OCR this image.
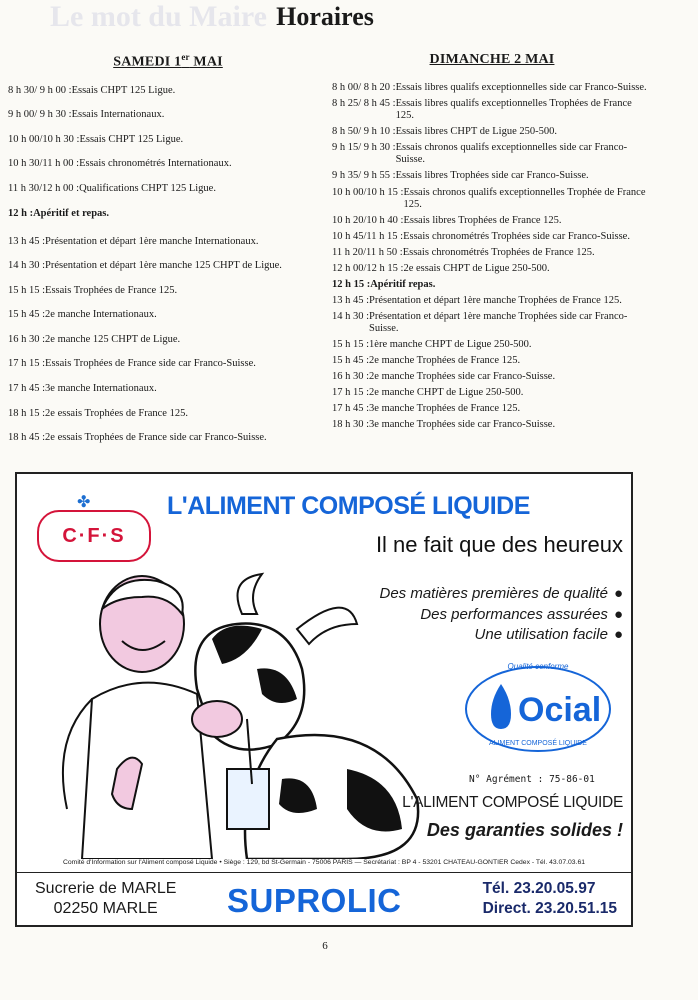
Le mot du Maire Horaires
SAMEDI 1er MAI
8 h 30/ 9 h 00 : Essais CHPT 125 Ligue.
9 h 00/ 9 h 30 : Essais Internationaux.
10 h 00/10 h 30 : Essais CHPT 125 Ligue.
10 h 30/11 h 00 : Essais chronométrés Internationaux.
11 h 30/12 h 00 : Qualifications CHPT 125 Ligue.
12 h : Apéritif et repas.
13 h 45 : Présentation et départ 1ère manche Internationaux.
14 h 30 : Présentation et départ 1ère manche 125 CHPT de Ligue.
15 h 15 : Essais Trophées de France 125.
15 h 45 : 2e manche Internationaux.
16 h 30 : 2e manche 125 CHPT de Ligue.
17 h 15 : Essais Trophées de France side car Franco-Suisse.
17 h 45 : 3e manche Internationaux.
18 h 15 : 2e essais Trophées de France 125.
18 h 45 : 2e essais Trophées de France side car Franco-Suisse.
DIMANCHE 2 MAI
8 h 00/ 8 h 20 : Essais libres qualifs exceptionnelles side car Franco-Suisse.
8 h 25/ 8 h 45 : Essais libres qualifs exceptionnelles Trophées de France 125.
8 h 50/ 9 h 10 : Essais libres CHPT de Ligue 250-500.
9 h 15/ 9 h 30 : Essais chronos qualifs exceptionnelles side car Franco-Suisse.
9 h 35/ 9 h 55 : Essais libres Trophées side car Franco-Suisse.
10 h 00/10 h 15 : Essais chronos qualifs exceptionnelles Trophée de France 125.
10 h 20/10 h 40 : Essais libres Trophées de France 125.
10 h 45/11 h 15 : Essais chronométrés Trophées side car Franco-Suisse.
11 h 20/11 h 50 : Essais chronométrés Trophées de France 125.
12 h 00/12 h 15 : 2e essais CHPT de Ligue 250-500.
12 h 15 : Apéritif repas.
13 h 45 : Présentation et départ 1ère manche Trophées de France 125.
14 h 30 : Présentation et départ 1ère manche Trophées side car Franco-Suisse.
15 h 15 : 1ère manche CHPT de Ligue 250-500.
15 h 45 : 2e manche Trophées de France 125.
16 h 30 : 2e manche Trophées side car Franco-Suisse.
17 h 15 : 2e manche CHPT de Ligue 250-500.
17 h 45 : 3e manche Trophées de France 125.
18 h 30 : 3e manche Trophées side car Franco-Suisse.
✤
C·F·S
L'ALIMENT COMPOSÉ LIQUIDE
Il ne fait que des heureux
Des matières premières de qualité ●
Des performances assurées ●
Une utilisation facile ●
Ocial
Qualité conforme
ALIMENT COMPOSÉ LIQUIDE
N° Agrément : 75-86-01
L'ALIMENT COMPOSÉ LIQUIDE
Des garanties solides !
Comité d'Information sur l'Aliment composé Liquide • Siège : 129, bd St-Germain - 75006 PARIS — Secrétariat : BP 4 - 53201 CHATEAU-GONTIER Cedex - Tél. 43.07.03.61
Sucrerie de MARLE
02250 MARLE	SUPROLIC	Tél. 23.20.05.97
Direct. 23.20.51.15
6
